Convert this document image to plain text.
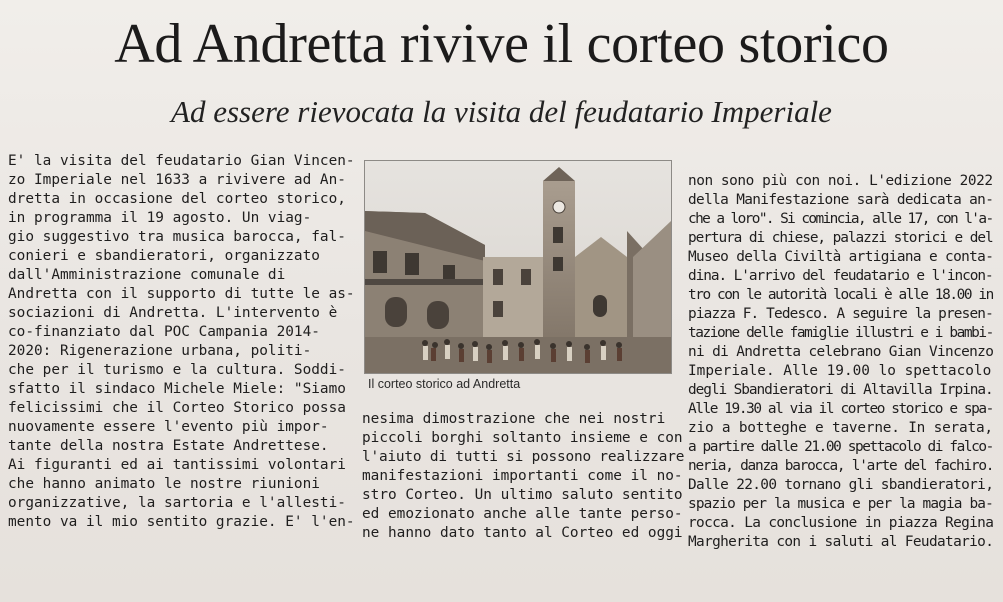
Ad Andretta rivive il corteo storico
Ad essere rievocata la visita del feudatario Imperiale
E' la visita del feudatario Gian Vincen-
zo Imperiale nel 1633 a rivivere ad An-
dretta in occasione del corteo storico,
in programma il 19 agosto. Un viag-
gio suggestivo tra musica barocca, fal-
conieri e sbandieratori, organizzato
dall'Amministrazione comunale di
Andretta con il supporto di tutte le as-
sociazioni di Andretta. L'intervento è
co-finanziato dal POC Campania 2014-
2020: Rigenerazione urbana, politi-
che per il turismo e la cultura. Soddi-
sfatto il sindaco Michele Miele: "Siamo
felicissimi che il Corteo Storico possa
nuovamente essere l'evento più impor-
tante della nostra Estate Andrettese.
Ai figuranti ed ai tantissimi volontari
che hanno animato le nostre riunioni
organizzative, la sartoria e l'allesti-
mento va il mio sentito grazie. E' l'en-
Il corteo storico ad Andretta
nesima dimostrazione che nei nostri
piccoli borghi soltanto insieme e con
l'aiuto di tutti si possono realizzare
manifestazioni importanti come il no-
stro Corteo. Un ultimo saluto sentito
ed emozionato anche alle tante perso-
ne hanno dato tanto al Corteo ed oggi
non sono più con noi. L'edizione 2022
della Manifestazione sarà dedicata an-
che a loro". Si comincia, alle 17, con l'a-
pertura di chiese, palazzi storici e del
Museo della Civiltà artigiana e conta-
dina. L'arrivo del feudatario e l'incon-
tro con le autorità locali è alle 18.00 in
piazza F. Tedesco. A seguire la presen-
tazione delle famiglie illustri e i bambi-
ni di Andretta celebrano Gian Vincenzo
Imperiale. Alle 19.00 lo spettacolo
degli Sbandieratori di Altavilla Irpina.
Alle 19.30 al via il corteo storico e spa-
zio a botteghe e taverne. In serata,
a partire dalle 21.00 spettacolo di falco-
neria, danza barocca, l'arte del fachiro.
Dalle 22.00 tornano gli sbandieratori,
spazio per la musica e per la magia ba-
rocca. La conclusione in piazza Regina
Margherita con i saluti al Feudatario.
